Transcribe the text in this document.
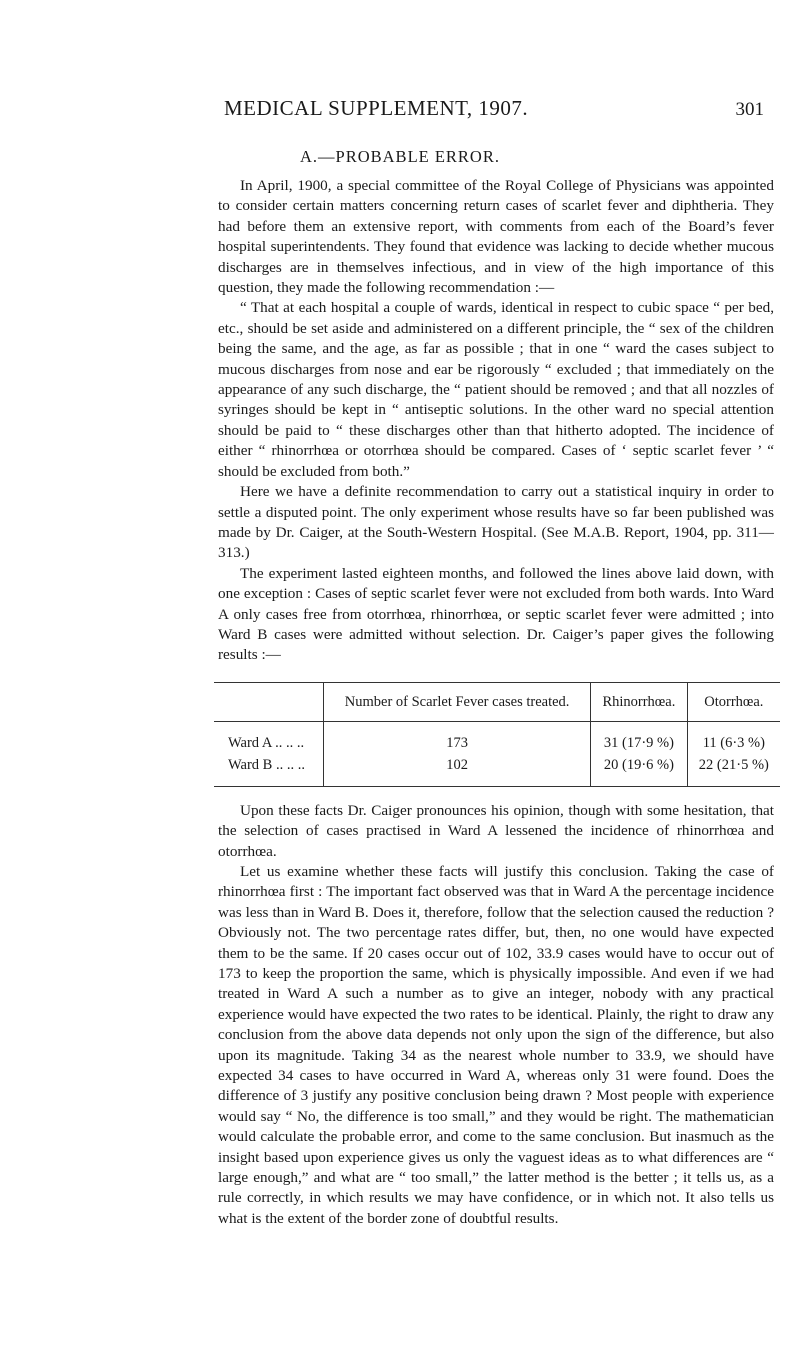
MEDICAL SUPPLEMENT, 1907.	301
A.—PROBABLE ERROR.

In April, 1900, a special committee of the Royal College of Physicians was appointed to consider certain matters concerning return cases of scarlet fever and diphtheria. They had before them an extensive report, with comments from each of the Board’s fever hospital superintendents. They found that evidence was lacking to decide whether mucous discharges are in themselves infectious, and in view of the high importance of this question, they made the following recommendation :—

“ That at each hospital a couple of wards, identical in respect to cubic space “ per bed, etc., should be set aside and administered on a different principle, the “ sex of the children being the same, and the age, as far as possible ; that in one “ ward the cases subject to mucous discharges from nose and ear be rigorously “ excluded ; that immediately on the appearance of any such discharge, the “ patient should be removed ; and that all nozzles of syringes should be kept in “ antiseptic solutions. In the other ward no special attention should be paid to “ these discharges other than that hitherto adopted. The incidence of either “ rhinorrhœa or otorrhœa should be compared. Cases of ‘ septic scarlet fever ’ “ should be excluded from both.”

Here we have a definite recommendation to carry out a statistical inquiry in order to settle a disputed point. The only experiment whose results have so far been published was made by Dr. Caiger, at the South-Western Hospital. (See M.A.B. Report, 1904, pp. 311—313.)

The experiment lasted eighteen months, and followed the lines above laid down, with one exception : Cases of septic scarlet fever were not excluded from both wards. Into Ward A only cases free from otorrhœa, rhinorrhœa, or septic scarlet fever were admitted ; into Ward B cases were admitted without selection. Dr. Caiger’s paper gives the following results :—

	Number of Scarlet Fever cases treated.	Rhinorrhœa.	Otorrhœa.
Ward A .. .. ..	173	31 (17·9 %)	11 (6·3 %)
Ward B .. .. ..	102	20 (19·6 %)	22 (21·5 %)

Upon these facts Dr. Caiger pronounces his opinion, though with some hesitation, that the selection of cases practised in Ward A lessened the incidence of rhinorrhœa and otorrhœa.

Let us examine whether these facts will justify this conclusion. Taking the case of rhinorrhœa first : The important fact observed was that in Ward A the percentage incidence was less than in Ward B. Does it, therefore, follow that the selection caused the reduction ? Obviously not. The two percentage rates differ, but, then, no one would have expected them to be the same. If 20 cases occur out of 102, 33.9 cases would have to occur out of 173 to keep the proportion the same, which is physically impossible. And even if we had treated in Ward A such a number as to give an integer, nobody with any practical experience would have expected the two rates to be identical. Plainly, the right to draw any conclusion from the above data depends not only upon the sign of the difference, but also upon its magnitude. Taking 34 as the nearest whole number to 33.9, we should have expected 34 cases to have occurred in Ward A, whereas only 31 were found. Does the difference of 3 justify any positive conclusion being drawn ? Most people with experience would say “ No, the difference is too small,” and they would be right. The mathematician would calculate the probable error, and come to the same conclusion. But inasmuch as the insight based upon experience gives us only the vaguest ideas as to what differences are “ large enough,” and what are “ too small,” the latter method is the better ; it tells us, as a rule correctly, in which results we may have confidence, or in which not. It also tells us what is the extent of the border zone of doubtful results.
